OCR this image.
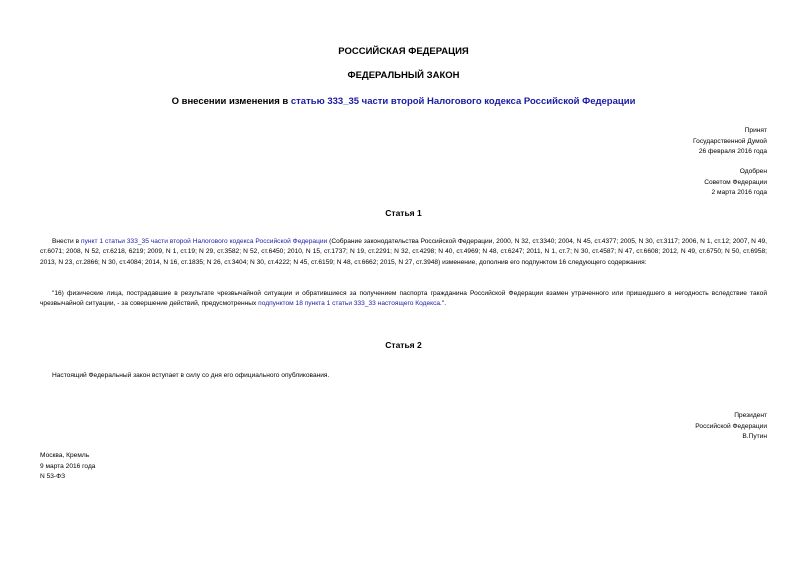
РОССИЙСКАЯ ФЕДЕРАЦИЯ
ФЕДЕРАЛЬНЫЙ ЗАКОН
О внесении изменения в статью 333_35 части второй Налогового кодекса Российской Федерации
Принят
Государственной Думой
26 февраля 2016 года
Одобрен
Советом Федерации
2 марта 2016 года
Статья 1
Внести в пункт 1 статьи 333_35 части второй Налогового кодекса Российской Федерации (Собрание законодательства Российской Федерации, 2000, N 32, ст.3340; 2004, N 45, ст.4377; 2005, N 30, ст.3117; 2006, N 1, ст.12; 2007, N 49, ст.6071; 2008, N 52, ст.6218, 6219; 2009, N 1, ст.19; N 29, ст.3582; N 52, ст.6450; 2010, N 15, ст.1737; N 19, ст.2291; N 32, ст.4298; N 40, ст.4969; N 48, ст.6247; 2011, N 1, ст.7; N 30, ст.4587; N 47, ст.6608; 2012, N 49, ст.6750; N 50, ст.6958; 2013, N 23, ст.2866; N 30, ст.4084; 2014, N 16, ст.1835; N 26, ст.3404; N 30, ст.4222; N 45, ст.6159; N 48, ст.6662; 2015, N 27, ст.3948) изменение, дополнив его подпунктом 16 следующего содержания:
"16) физические лица, пострадавшие в результате чрезвычайной ситуации и обратившиеся за получением паспорта гражданина Российской Федерации взамен утраченного или пришедшего в негодность вследствие такой чрезвычайной ситуации, - за совершение действий, предусмотренных подпунктом 18 пункта 1 статьи 333_33 настоящего Кодекса.".
Статья 2
Настоящий Федеральный закон вступает в силу со дня его официального опубликования.
Президент
Российской Федерации
В.Путин
Москва, Кремль
9 марта 2016 года
N 53-ФЗ
